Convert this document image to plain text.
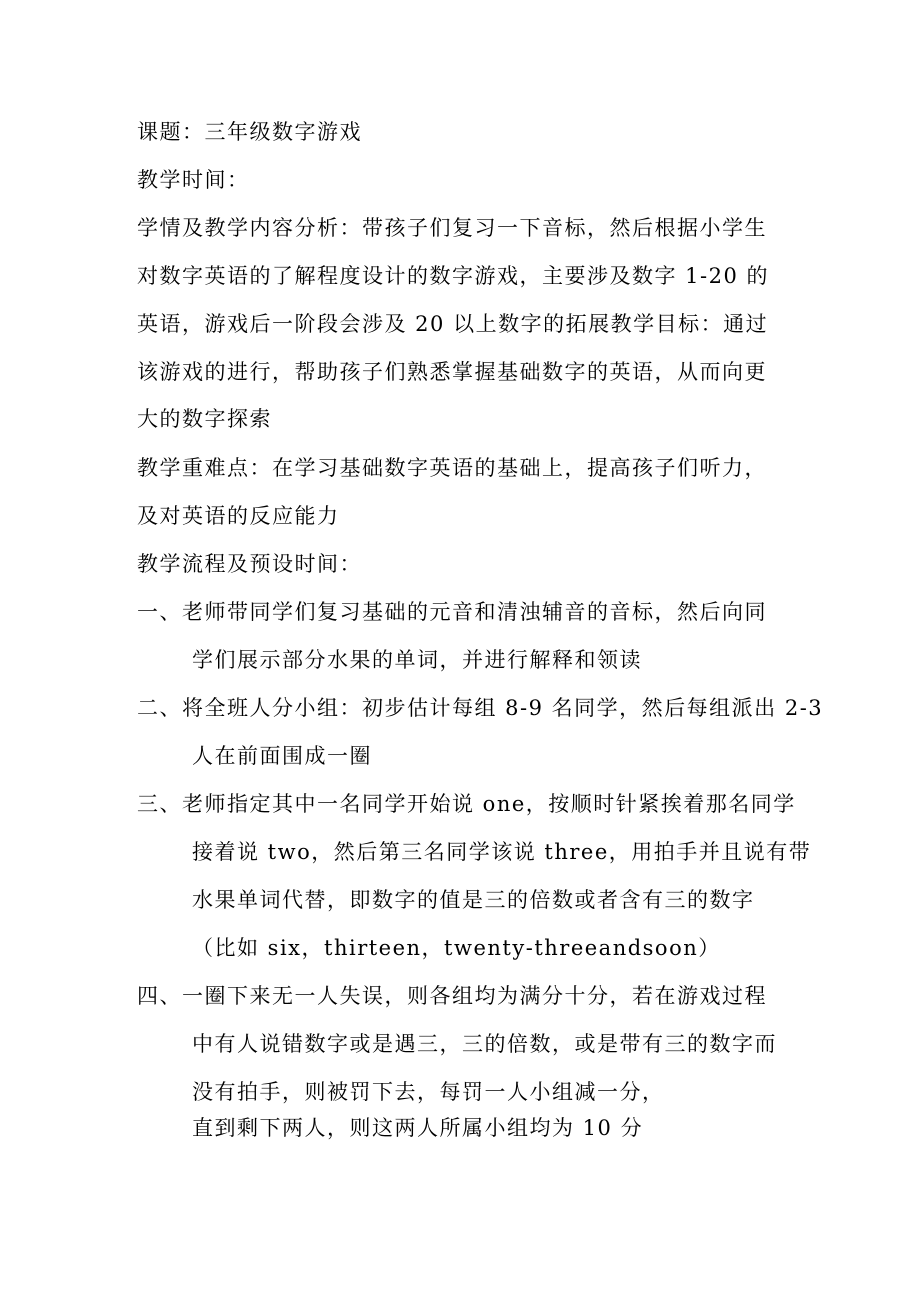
课题：三年级数字游戏
教学时间：
学情及教学内容分析：带孩子们复习一下音标，然后根据小学生
对数字英语的了解程度设计的数字游戏，主要涉及数字 1-20 的
英语，游戏后一阶段会涉及 20 以上数字的拓展教学目标：通过
该游戏的进行，帮助孩子们熟悉掌握基础数字的英语，从而向更
大的数字探索
教学重难点：在学习基础数字英语的基础上，提高孩子们听力，
及对英语的反应能力
教学流程及预设时间：
一、老师带同学们复习基础的元音和清浊辅音的音标，然后向同
学们展示部分水果的单词，并进行解释和领读
二、将全班人分小组：初步估计每组 8-9 名同学，然后每组派出 2-3
人在前面围成一圈
三、老师指定其中一名同学开始说 one，按顺时针紧挨着那名同学
接着说 two，然后第三名同学该说 three，用拍手并且说有带
水果单词代替，即数字的值是三的倍数或者含有三的数字
（比如 six，thirteen，twenty-threeandsoon）
四、一圈下来无一人失误，则各组均为满分十分，若在游戏过程
中有人说错数字或是遇三，三的倍数，或是带有三的数字而
没有拍手，则被罚下去，每罚一人小组减一分，
直到剩下两人，则这两人所属小组均为 10 分
